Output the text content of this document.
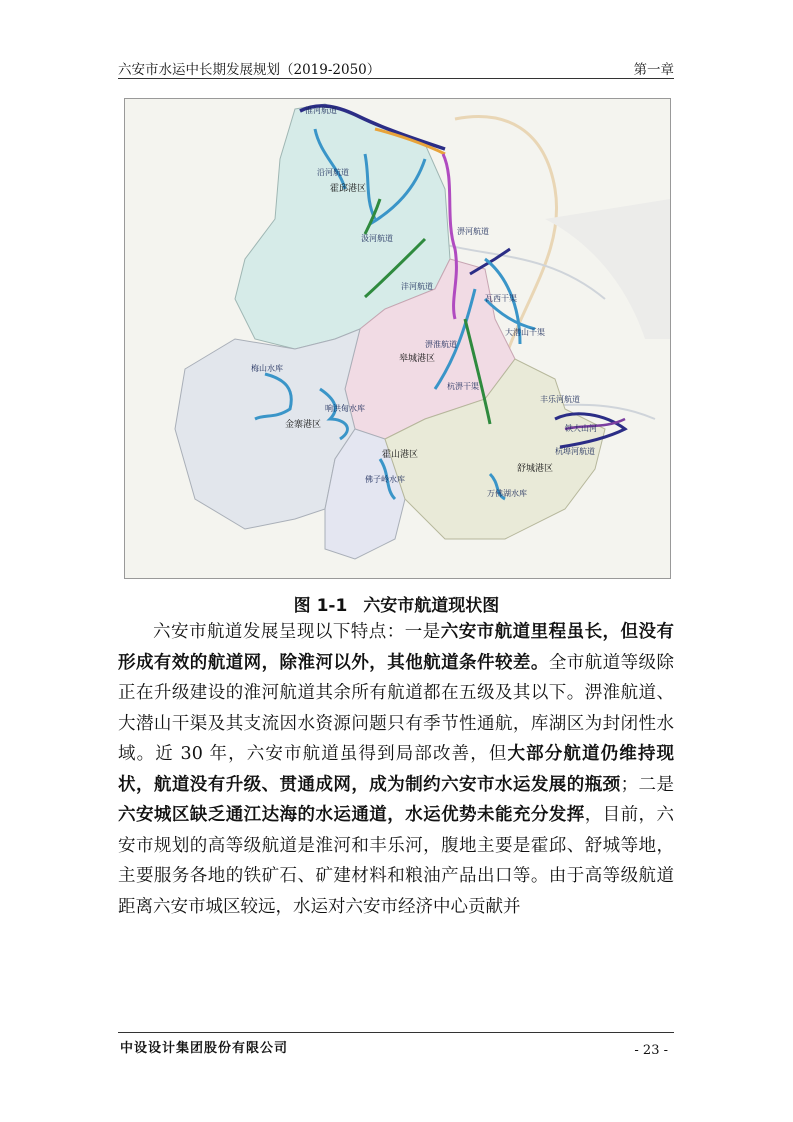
六安市水运中长期发展规划（2019-2050）	第一章
淮河航道
沿河航道
汲河航道
淠河航道
沣河航道
淠淮航道
杭淠干渠
瓦西干渠
大潜山干渠
丰乐河航道
杭埠河航道
梅山水库
响洪甸水库
佛子岭水库
万佛湖水库
铁大山河
霍邱港区
金寨港区
皋城港区
霍山港区
舒城港区
图 1-1 六安市航道现状图

六安市航道发展呈现以下特点：一是六安市航道里程虽长，但没有形成有效的航道网，除淮河以外，其他航道条件较差。全市航道等级除正在升级建设的淮河航道其余所有航道都在五级及其以下。淠淮航道、大潜山干渠及其支流因水资源问题只有季节性通航，库湖区为封闭性水域。近 30 年，六安市航道虽得到局部改善，但大部分航道仍维持现状，航道没有升级、贯通成网，成为制约六安市水运发展的瓶颈；二是六安城区缺乏通江达海的水运通道，水运优势未能充分发挥，目前，六安市规划的高等级航道是淮河和丰乐河，腹地主要是霍邱、舒城等地，主要服务各地的铁矿石、矿建材料和粮油产品出口等。由于高等级航道距离六安市城区较远，水运对六安市经济中心贡献并

中设设计集团股份有限公司	- 23 -
